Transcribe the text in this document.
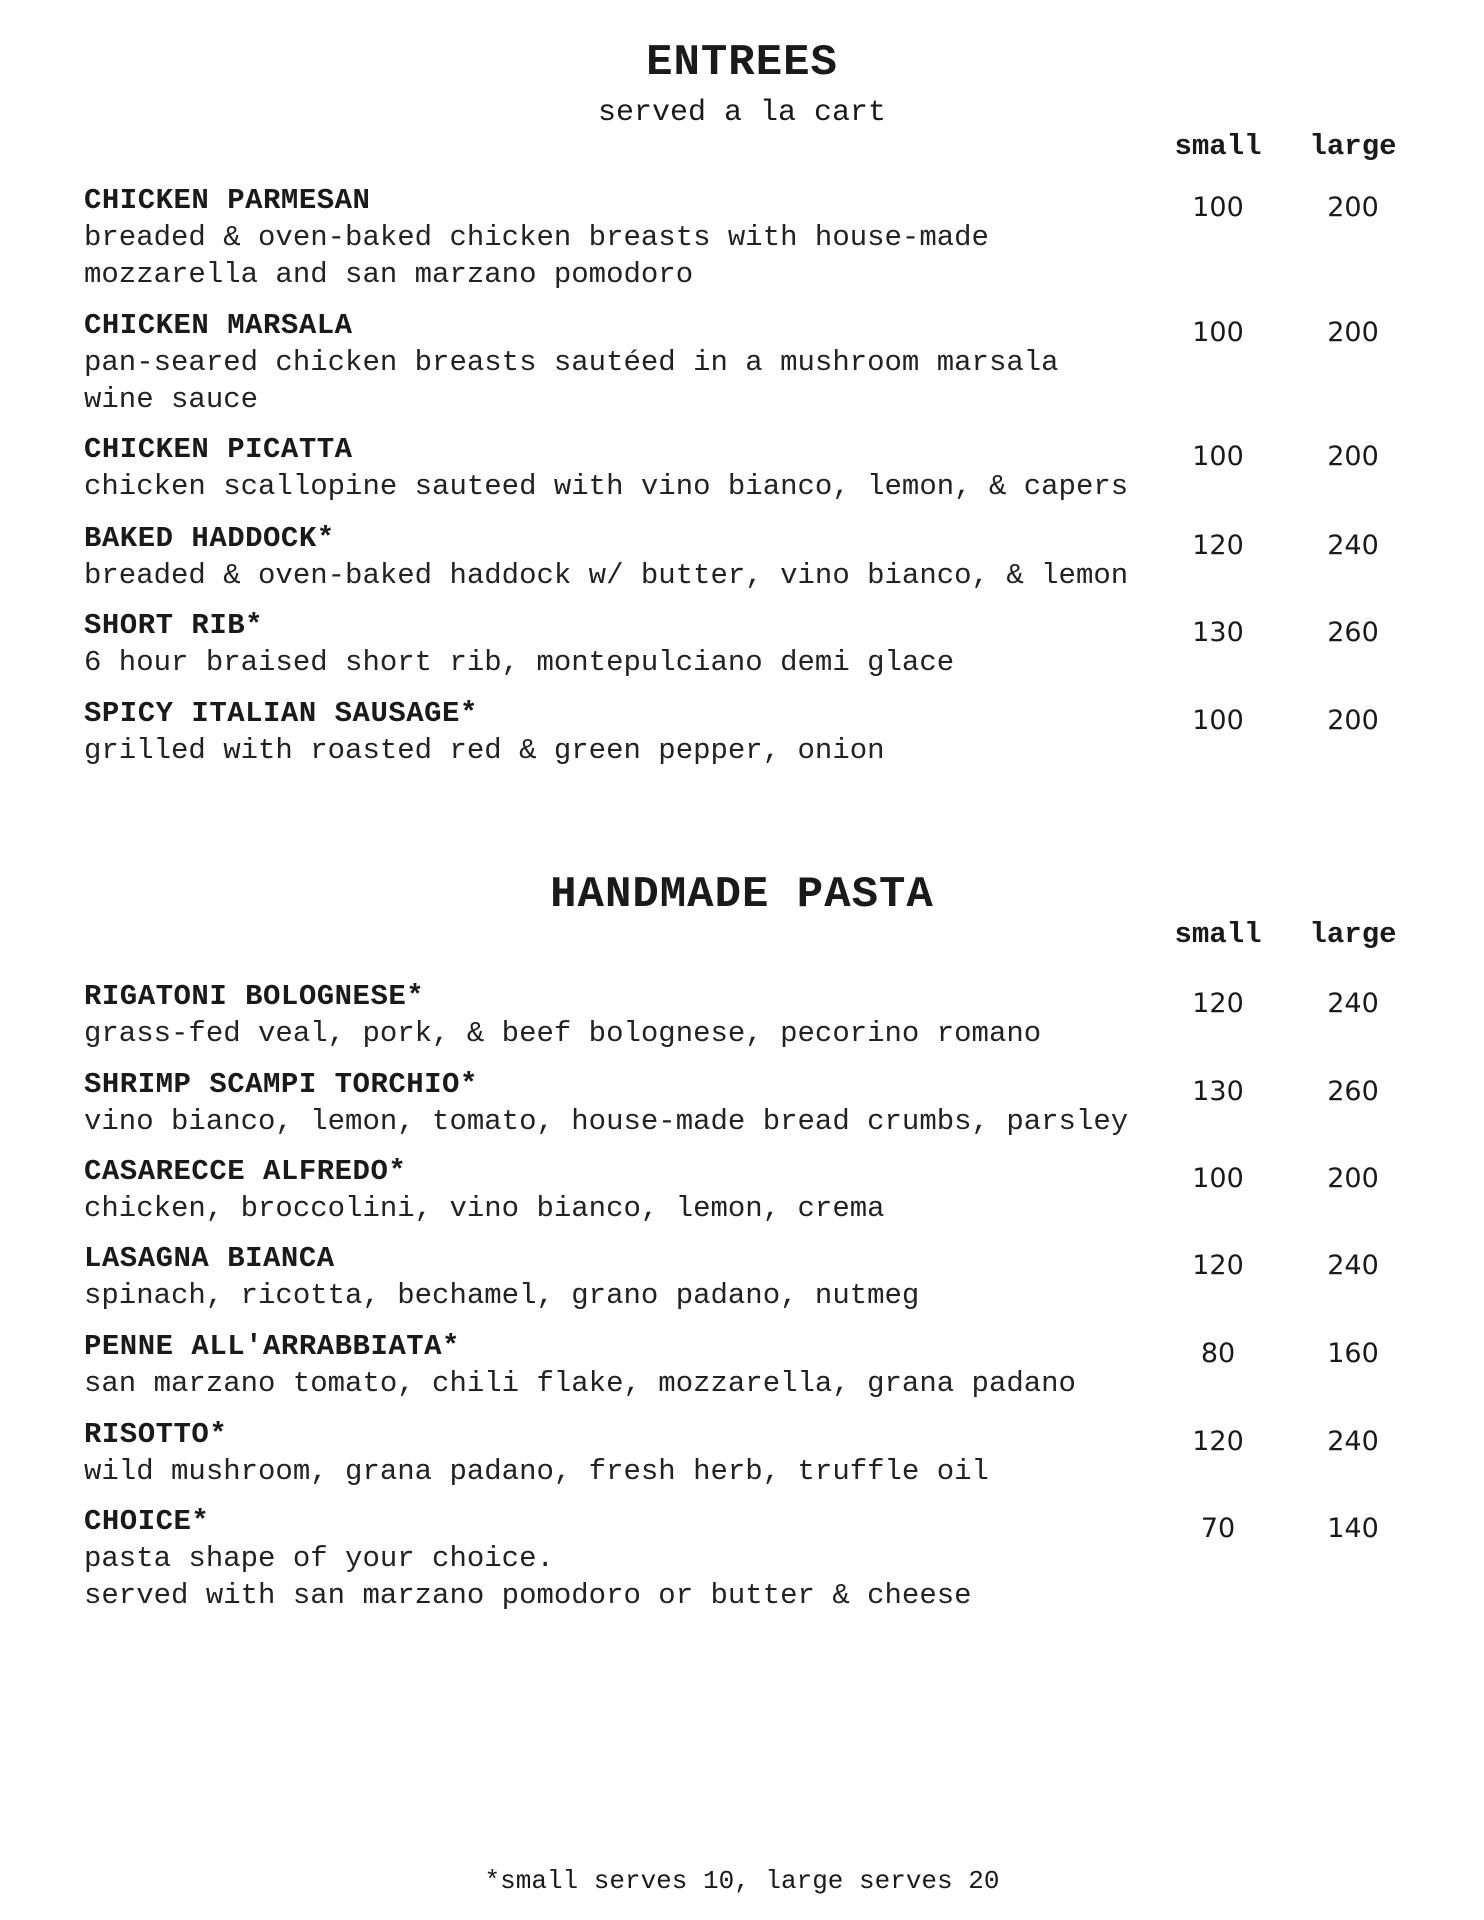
ENTREES
served a la cart
small	large
CHICKEN PARMESAN
breaded & oven-baked chicken breasts with house-made
mozzarella and san marzano pomodoro
100	200
CHICKEN MARSALA
pan-seared chicken breasts sautéed in a mushroom marsala
wine sauce
100	200
CHICKEN PICATTA
chicken scallopine sauteed with vino bianco, lemon, & capers
100	200
BAKED HADDOCK*
breaded & oven-baked haddock w/ butter, vino bianco, & lemon
120	240
SHORT RIB*
6 hour braised short rib, montepulciano demi glace
130	260
SPICY ITALIAN SAUSAGE*
grilled with roasted red & green pepper, onion
100	200
HANDMADE PASTA
small	large
RIGATONI BOLOGNESE*
grass-fed veal, pork, & beef bolognese, pecorino romano
120	240
SHRIMP SCAMPI TORCHIO*
vino bianco, lemon, tomato, house-made bread crumbs, parsley
130	260
CASARECCE ALFREDO*
chicken, broccolini, vino bianco, lemon, crema
100	200
LASAGNA BIANCA
spinach, ricotta, bechamel, grano padano, nutmeg
120	240
PENNE ALL'ARRABBIATA*
san marzano tomato, chili flake, mozzarella, grana padano
80	160
RISOTTO*
wild mushroom, grana padano, fresh herb, truffle oil
120	240
CHOICE*
pasta shape of your choice.
served with san marzano pomodoro or butter & cheese
70	140
*small serves 10, large serves 20
